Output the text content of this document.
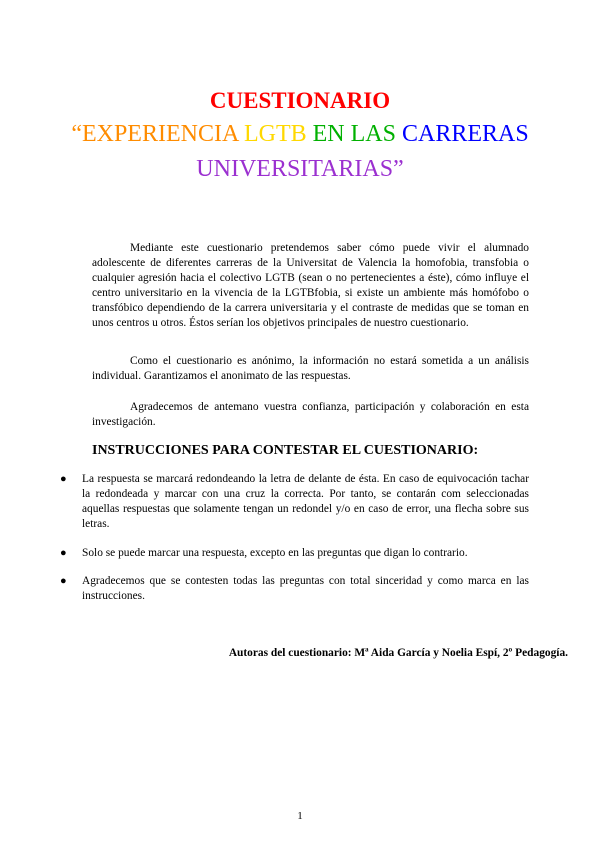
CUESTIONARIO
“EXPERIENCIA LGTB EN LAS CARRERAS
UNIVERSITARIAS”

Mediante este cuestionario pretendemos saber cómo puede vivir el alumnado adolescente de diferentes carreras de la Universitat de Valencia la homofobia, transfobia o cualquier agresión hacia el colectivo LGTB (sean o no pertenecientes a éste), cómo influye el centro universitario en la vivencia de la LGTBfobia, si existe un ambiente más homófobo o transfóbico dependiendo de la carrera universitaria y el contraste de medidas que se toman en unos centros u otros. Éstos serían los objetivos principales de nuestro cuestionario.

Como el cuestionario es anónimo, la información no estará sometida a un análisis individual. Garantizamos el anonimato de las respuestas.

Agradecemos de antemano vuestra confianza, participación y colaboración en esta investigación.

INSTRUCCIONES PARA CONTESTAR EL CUESTIONARIO:
● La respuesta se marcará redondeando la letra de delante de ésta. En caso de equivocación tachar la redondeada y marcar con una cruz la correcta. Por tanto, se contarán com seleccionadas aquellas respuestas que solamente tengan un redondel y/o en caso de error, una flecha sobre sus letras.

● Solo se puede marcar una respuesta, excepto en las preguntas que digan lo contrario.

● Agradecemos que se contesten todas las preguntas con total sinceridad y como marca en las instrucciones.

Autoras del cuestionario: Mª Aida García y Noelia Espí, 2º Pedagogía.

1
